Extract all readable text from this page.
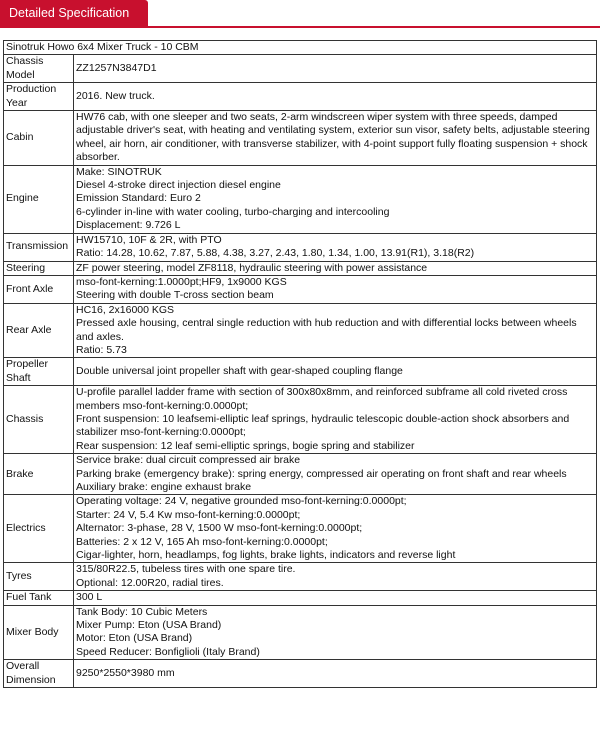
Detailed Specification
Sinotruk Howo 6x4 Mixer Truck - 10 CBM	
Chassis Model	ZZ1257N3847D1

Production Year	2016. New truck.

Cabin	HW76 cab, with one sleeper and two seats, 2-arm windscreen wiper system with three speeds, damped adjustable driver's seat, with heating and ventilating system, exterior sun visor, safety belts, adjustable steering wheel, air horn, air conditioner, with transverse stabilizer, with 4-point support fully floating suspension + shock absorber.

Engine	Make: SINOTRUK
Diesel 4-stroke direct injection diesel engine
Emission Standard: Euro 2
6-cylinder in-line with water cooling, turbo-charging and intercooling
Displacement: 9.726 L

Transmission	HW15710, 10F & 2R, with PTO
Ratio: 14.28, 10.62, 7.87, 5.88, 4.38, 3.27, 2.43, 1.80, 1.34, 1.00, 13.91(R1), 3.18(R2)

Steering	ZF power steering, model ZF8118, hydraulic steering with power assistance

Front Axle	mso-font-kerning:1.0000pt;HF9, 1x9000 KGS
Steering with double T-cross section beam

Rear Axle	HC16, 2x16000 KGS
Pressed axle housing, central single reduction with hub reduction and with differential locks between wheels and axles.
Ratio: 5.73

Propeller Shaft	Double universal joint propeller shaft with gear-shaped coupling flange

Chassis	U-profile parallel ladder frame with section of 300x80x8mm, and reinforced subframe all cold riveted cross members mso-font-kerning:0.0000pt;
Front suspension: 10 leafsemi-elliptic leaf springs, hydraulic telescopic double-action shock absorbers and stabilizer mso-font-kerning:0.0000pt;
Rear suspension: 12 leaf semi-elliptic springs, bogie spring and stabilizer

Brake	Service brake: dual circuit compressed air brake
Parking brake (emergency brake): spring energy, compressed air operating on front shaft and rear wheels
Auxiliary brake: engine exhaust brake

Electrics	Operating voltage: 24 V, negative grounded mso-font-kerning:0.0000pt;
Starter: 24 V, 5.4 Kw mso-font-kerning:0.0000pt;
Alternator: 3-phase, 28 V, 1500 W mso-font-kerning:0.0000pt;
Batteries: 2 x 12 V, 165 Ah mso-font-kerning:0.0000pt;
Cigar-lighter, horn, headlamps, fog lights, brake lights, indicators and reverse light

Tyres	315/80R22.5, tubeless tires with one spare tire.
Optional: 12.00R20, radial tires.

Fuel Tank	300 L

Mixer Body	Tank Body: 10 Cubic Meters
Mixer Pump: Eton (USA Brand)
Motor: Eton (USA Brand)
Speed Reducer: Bonfiglioli (Italy Brand)

Overall Dimension	9250*2550*3980 mm
